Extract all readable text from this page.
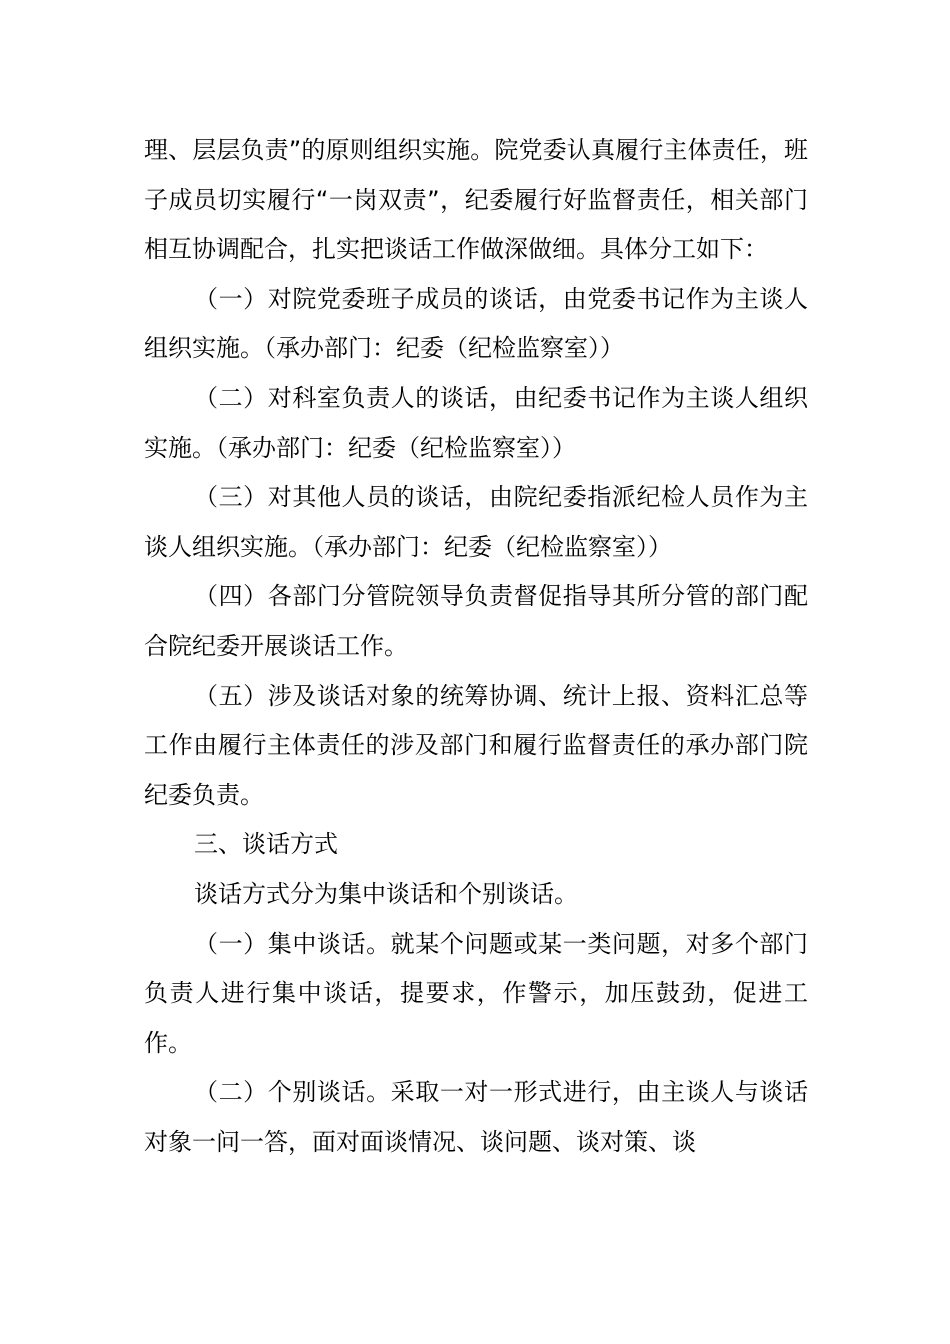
理、层层负责”的原则组织实施。院党委认真履行主体责任，班子成员切实履行“一岗双责”，纪委履行好监督责任，相关部门相互协调配合，扎实把谈话工作做深做细。具体分工如下：

（一）对院党委班子成员的谈话，由党委书记作为主谈人组织实施。（承办部门：纪委（纪检监察室））

（二）对科室负责人的谈话，由纪委书记作为主谈人组织实施。（承办部门：纪委（纪检监察室））

（三）对其他人员的谈话，由院纪委指派纪检人员作为主谈人组织实施。（承办部门：纪委（纪检监察室））

（四）各部门分管院领导负责督促指导其所分管的部门配合院纪委开展谈话工作。

（五）涉及谈话对象的统筹协调、统计上报、资料汇总等工作由履行主体责任的涉及部门和履行监督责任的承办部门院纪委负责。

三、谈话方式

谈话方式分为集中谈话和个别谈话。

（一）集中谈话。就某个问题或某一类问题，对多个部门负责人进行集中谈话，提要求，作警示，加压鼓劲，促进工作。

（二）个别谈话。采取一对一形式进行，由主谈人与谈话对象一问一答，面对面谈情况、谈问题、谈对策、谈
